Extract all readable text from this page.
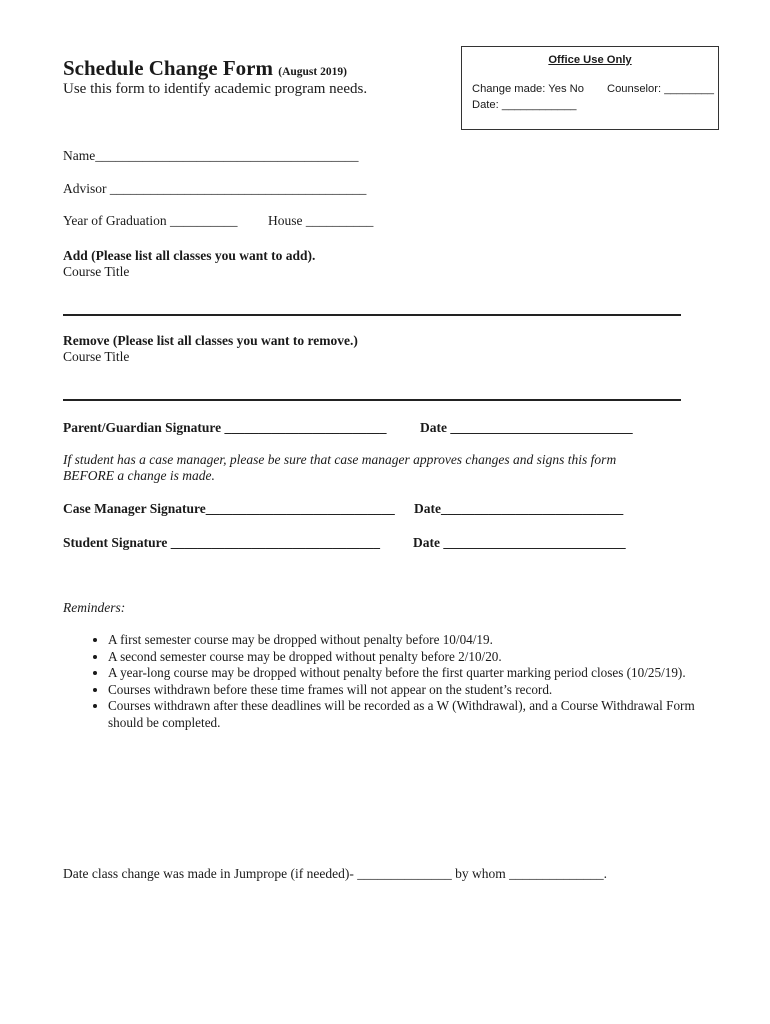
Schedule Change Form (August 2019)
Use this form to identify academic program needs.
Office Use Only
Change made: Yes No Counselor: ________
Date: ____________
Name_______________________________________
Advisor ______________________________________
Year of Graduation __________ House __________
Add (Please list all classes you want to add).
Course Title
Remove (Please list all classes you want to remove.)
Course Title
Parent/Guardian Signature ________________________ Date ___________________________
If student has a case manager, please be sure that case manager approves changes and signs this form
BEFORE a change is made.
Case Manager Signature____________________________ Date___________________________
Student Signature _______________________________ Date ___________________________
Reminders:
• A first semester course may be dropped without penalty before 10/04/19.
• A second semester course may be dropped without penalty before 2/10/20.
• A year-long course may be dropped without penalty before the first quarter marking period closes (10/25/19).
• Courses withdrawn before these time frames will not appear on the student’s record.
• Courses withdrawn after these deadlines will be recorded as a W (Withdrawal), and a Course Withdrawal Form should be completed.
Date class change was made in Jumprope (if needed)- ______________ by whom ______________.
